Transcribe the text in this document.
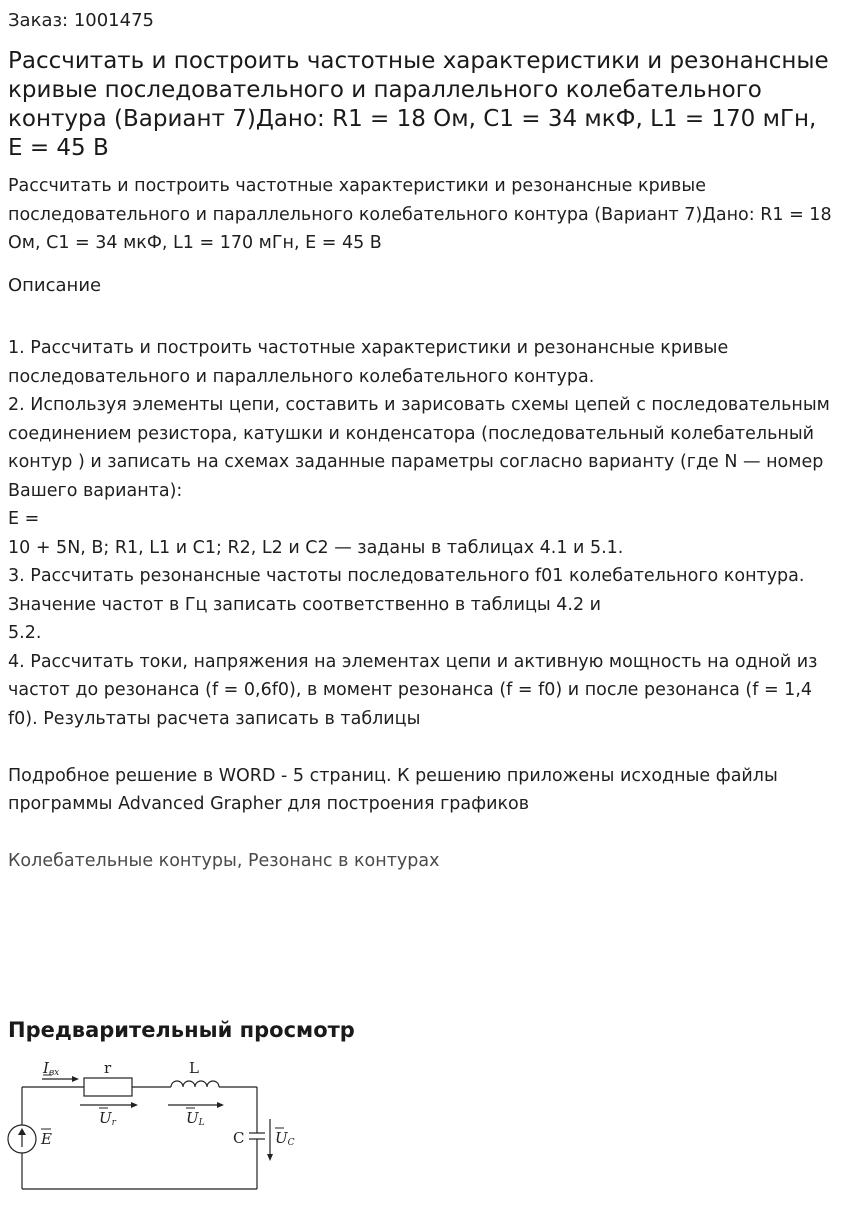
Заказ: 1001475
Рассчитать и построить частотные характеристики и резонансные кривые последовательного и параллельного колебательного контура (Вариант 7)Дано: R1 = 18 Ом, C1 = 34 мкФ, L1 = 170 мГн, E = 45 В
Рассчитать и построить частотные характеристики и резонансные кривые последовательного и параллельного колебательного контура (Вариант 7)Дано: R1 = 18 Ом, C1 = 34 мкФ, L1 = 170 мГн, E = 45 В
Описание

1. Рассчитать и построить частотные характеристики и резонансные кривые последовательного и параллельного колебательного контура.

2. Используя элементы цепи, составить и зарисовать схемы цепей с последовательным соединением резистора, катушки и конденсатора (последовательный колебательный контур ) и записать на схемах заданные параметры согласно варианту (где N — номер Вашего варианта):

Е =

10 + 5N, В; R1, L1 и С1; R2, L2 и С2 — заданы в таблицах 4.1 и 5.1.

3. Рассчитать резонансные частоты последовательного f01 колебательного контура. Значение частот в Гц записать соответственно в таблицы 4.2 и

5.2.

4. Рассчитать токи, напряжения на элементах цепи и активную мощность на одной из частот до резонанса (f = 0,6f0), в момент резонанса (f = f0) и после резонанса (f = 1,4 f0). Результаты расчета записать в таблицы

Подробное решение в WORD - 5 страниц. К решению приложены исходные файлы программы Advanced Grapher для построения графиков

Колебательные контуры, Резонанс в контурах
Предварительный просмотр
Iвх	r	L
Ur	UL
C UC
E
